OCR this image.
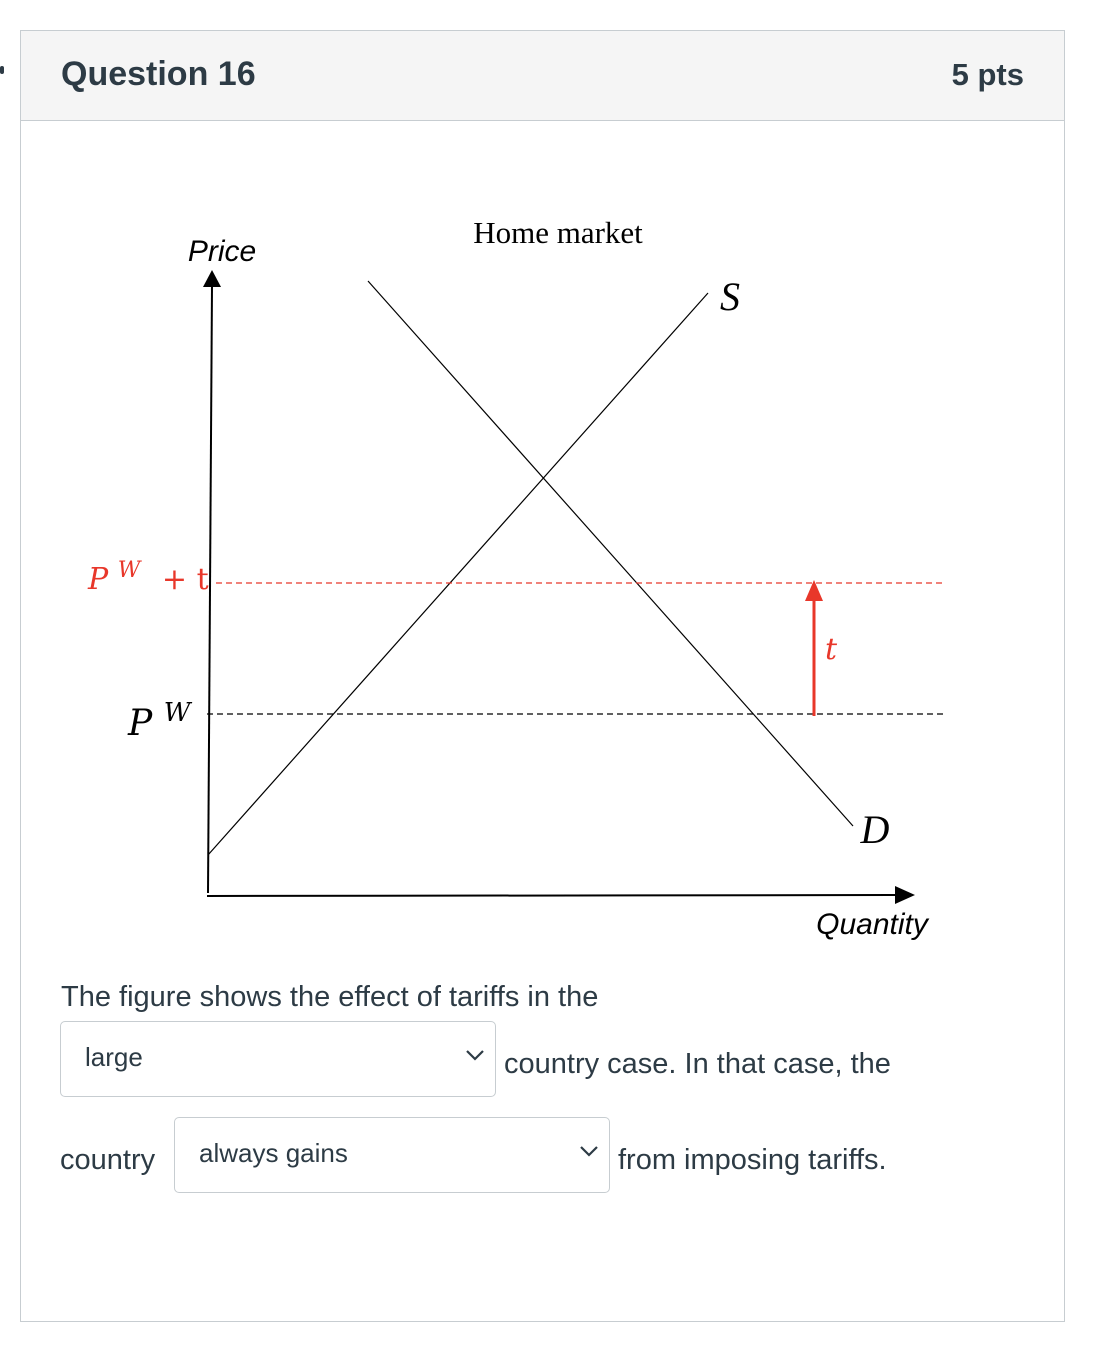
Question 16	5 pts
Home market
Price
Quantity
S
D
P $^W$
P $^W$ + t
t
The figure shows the effect of tariffs in the
large	country case. In that case, the
country always gains	from imposing tariffs.
